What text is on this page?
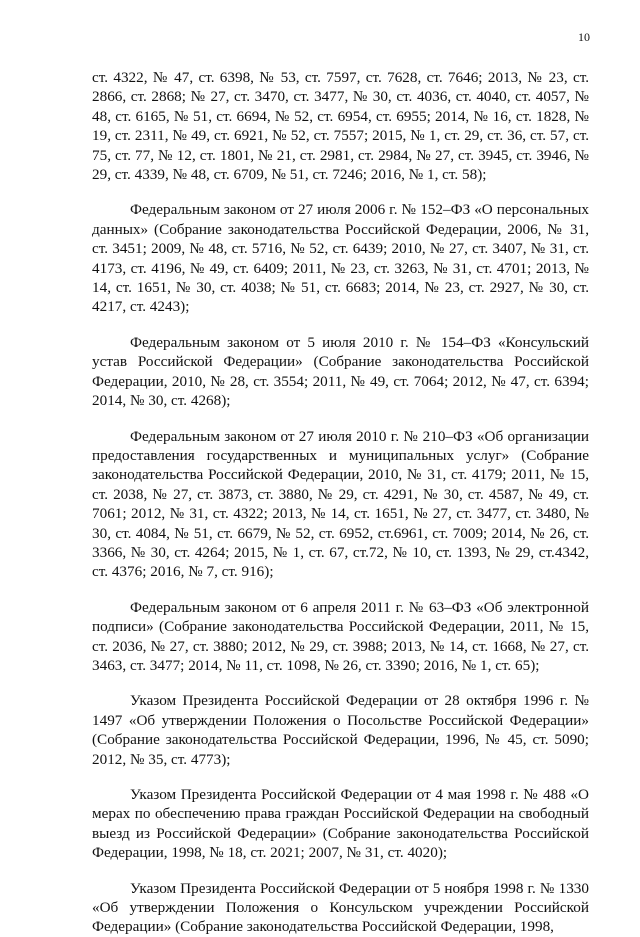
10

ст. 4322, № 47, ст. 6398, № 53, ст. 7597, ст. 7628, ст. 7646; 2013, № 23, ст. 2866, ст. 2868; № 27, ст. 3470, ст. 3477, № 30, ст. 4036, ст. 4040, ст. 4057, № 48, ст. 6165, № 51, ст. 6694, № 52, ст. 6954, ст. 6955; 2014, № 16, ст. 1828, № 19, ст. 2311, № 49, ст. 6921, № 52, ст. 7557; 2015, № 1, ст. 29, ст. 36, ст. 57, ст. 75, ст. 77, № 12, ст. 1801, № 21, ст. 2981, ст. 2984, № 27, ст. 3945, ст. 3946, № 29, ст. 4339, № 48, ст. 6709, № 51, ст. 7246; 2016, № 1, ст. 58);

Федеральным законом от 27 июля 2006 г. № 152–ФЗ «О персональных данных» (Собрание законодательства Российской Федерации, 2006, № 31, ст. 3451; 2009, № 48, ст. 5716, № 52, ст. 6439; 2010, № 27, ст. 3407, № 31, ст. 4173, ст. 4196, № 49, ст. 6409; 2011, № 23, ст. 3263, № 31, ст. 4701; 2013, № 14, ст. 1651, № 30, ст. 4038; № 51, ст. 6683; 2014, № 23, ст. 2927, № 30, ст. 4217, ст. 4243);

Федеральным законом от 5 июля 2010 г. № 154–ФЗ «Консульский устав Российской Федерации» (Собрание законодательства Российской Федерации, 2010, № 28, ст. 3554; 2011, № 49, ст. 7064; 2012, № 47, ст. 6394; 2014, № 30, ст. 4268);

Федеральным законом от 27 июля 2010 г. № 210–ФЗ «Об организации предоставления государственных и муниципальных услуг» (Собрание законодательства Российской Федерации, 2010, № 31, ст. 4179; 2011, № 15, ст. 2038, № 27, ст. 3873, ст. 3880, № 29, ст. 4291, № 30, ст. 4587, № 49, ст. 7061; 2012, № 31, ст. 4322; 2013, № 14, ст. 1651, № 27, ст. 3477, ст. 3480, № 30, ст. 4084, № 51, ст. 6679, № 52, ст. 6952, ст.6961, ст. 7009; 2014, № 26, ст. 3366, № 30, ст. 4264; 2015, № 1, ст. 67, ст.72, № 10, ст. 1393, № 29, ст.4342, ст. 4376; 2016, № 7, ст. 916);

Федеральным законом от 6 апреля 2011 г. № 63–ФЗ «Об электронной подписи» (Собрание законодательства Российской Федерации, 2011, № 15, ст. 2036, № 27, ст. 3880; 2012, № 29, ст. 3988; 2013, № 14, ст. 1668, № 27, ст. 3463, ст. 3477; 2014, № 11, ст. 1098, № 26, ст. 3390; 2016, № 1, ст. 65);

Указом Президента Российской Федерации от 28 октября 1996 г. № 1497 «Об утверждении Положения о Посольстве Российской Федерации» (Собрание законодательства Российской Федерации, 1996, № 45, ст. 5090; 2012, № 35, ст. 4773);

Указом Президента Российской Федерации от 4 мая 1998 г. № 488 «О мерах по обеспечению права граждан Российской Федерации на свободный выезд из Российской Федерации» (Собрание законодательства Российской Федерации, 1998, № 18, ст. 2021; 2007, № 31, ст. 4020);

Указом Президента Российской Федерации от 5 ноября 1998 г. № 1330 «Об утверждении Положения о Консульском учреждении Российской Федерации» (Собрание законодательства Российской Федерации, 1998,
